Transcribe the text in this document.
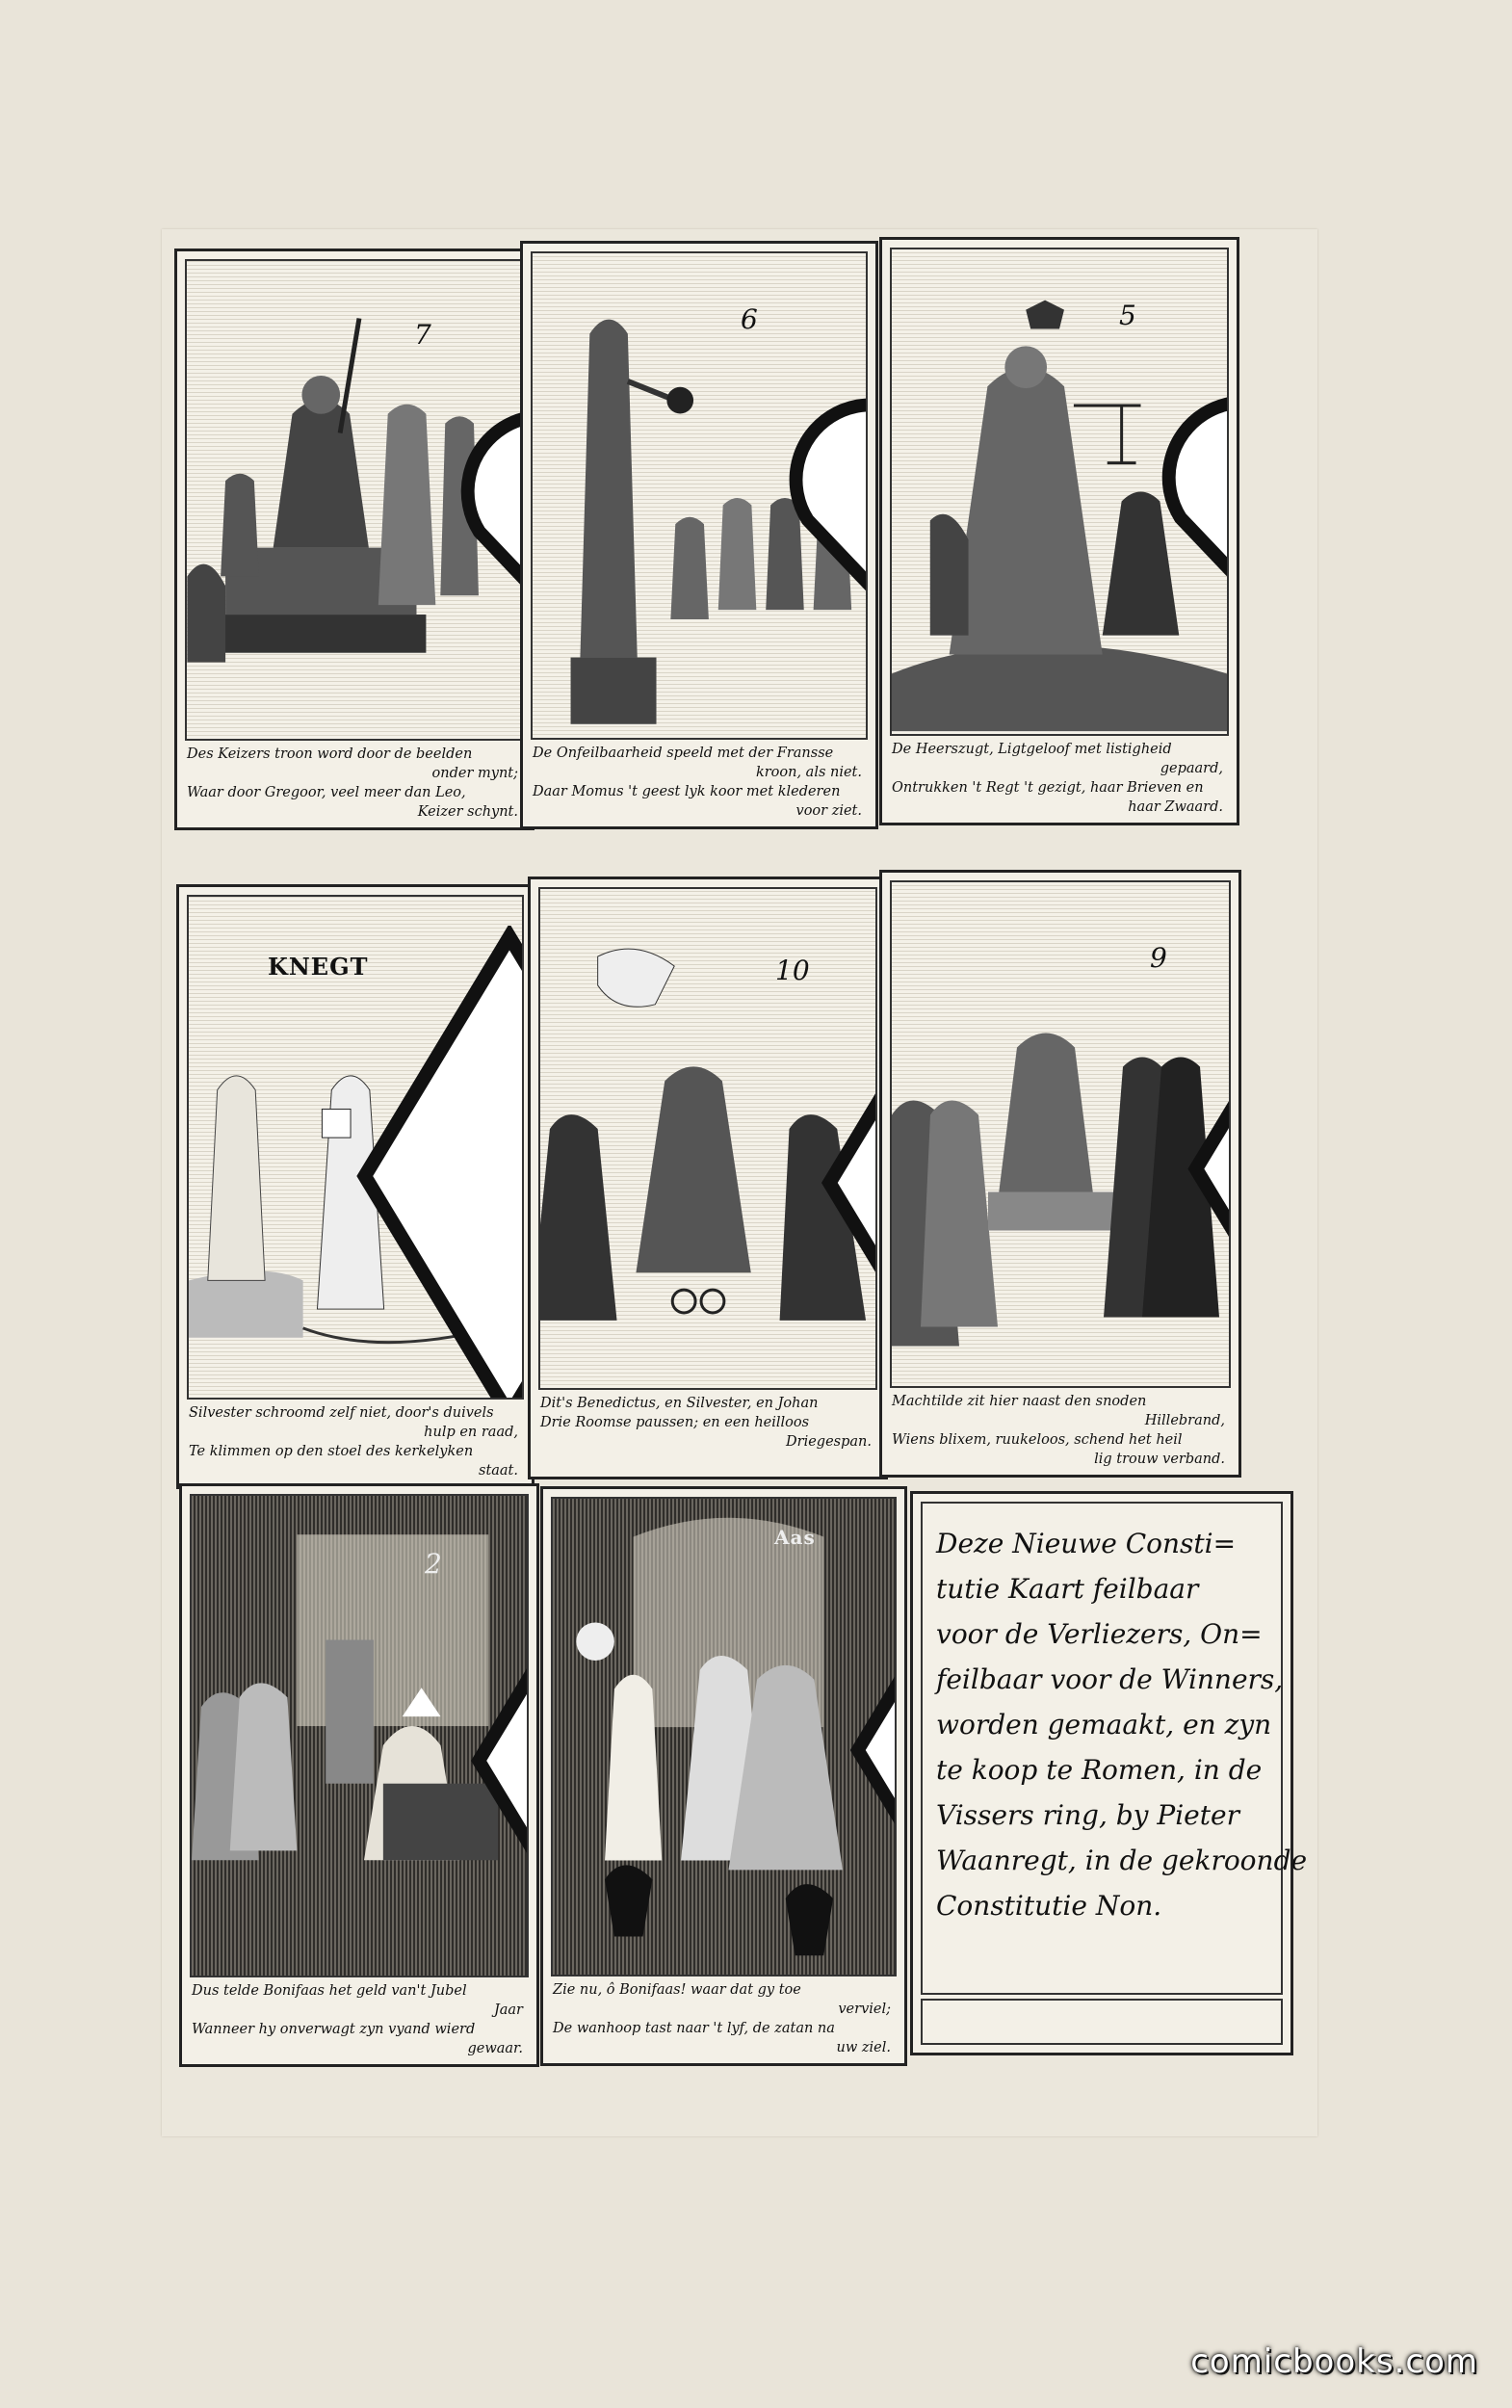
7
Des Keizers troon word door de beelden
onder mynt;
Waar door Gregoor, veel meer dan Leo,
Keizer schynt.
6
De Onfeilbaarheid speeld met der Fransse
kroon, als niet.
Daar Momus 't geest lyk koor met klederen
voor ziet.
5
De Heerszugt, Ligtgeloof met listigheid
gepaard,
Ontrukken 't Regt 't gezigt, haar Brieven en
haar Zwaard.
KNEGT
Silvester schroomd zelf niet, door's duivels
hulp en raad,
Te klimmen op den stoel des kerkelyken
staat.
10
Dit's Benedictus, en Silvester, en Johan
Drie Roomse paussen; en een heilloos
Driegespan.
9
Machtilde zit hier naast den snoden
Hillebrand,
Wiens blixem, ruukeloos, schend het heil
lig trouw verband.
2
Dus telde Bonifaas het geld van't Jubel
Jaar
Wanneer hy onverwagt zyn vyand wierd
gewaar.
Aas
Zie nu, ô Bonifaas! waar dat gy toe
verviel;
De wanhoop tast naar 't lyf, de zatan na
uw ziel.
Deze Nieuwe Consti=
tutie Kaart feilbaar
voor de Verliezers, On=
feilbaar voor de Winners,
worden gemaakt, en zyn
te koop te Romen, in de
Vissers ring, by Pieter
Waanregt, in de gekroonde
Constitutie Non.
comicbooks.com
